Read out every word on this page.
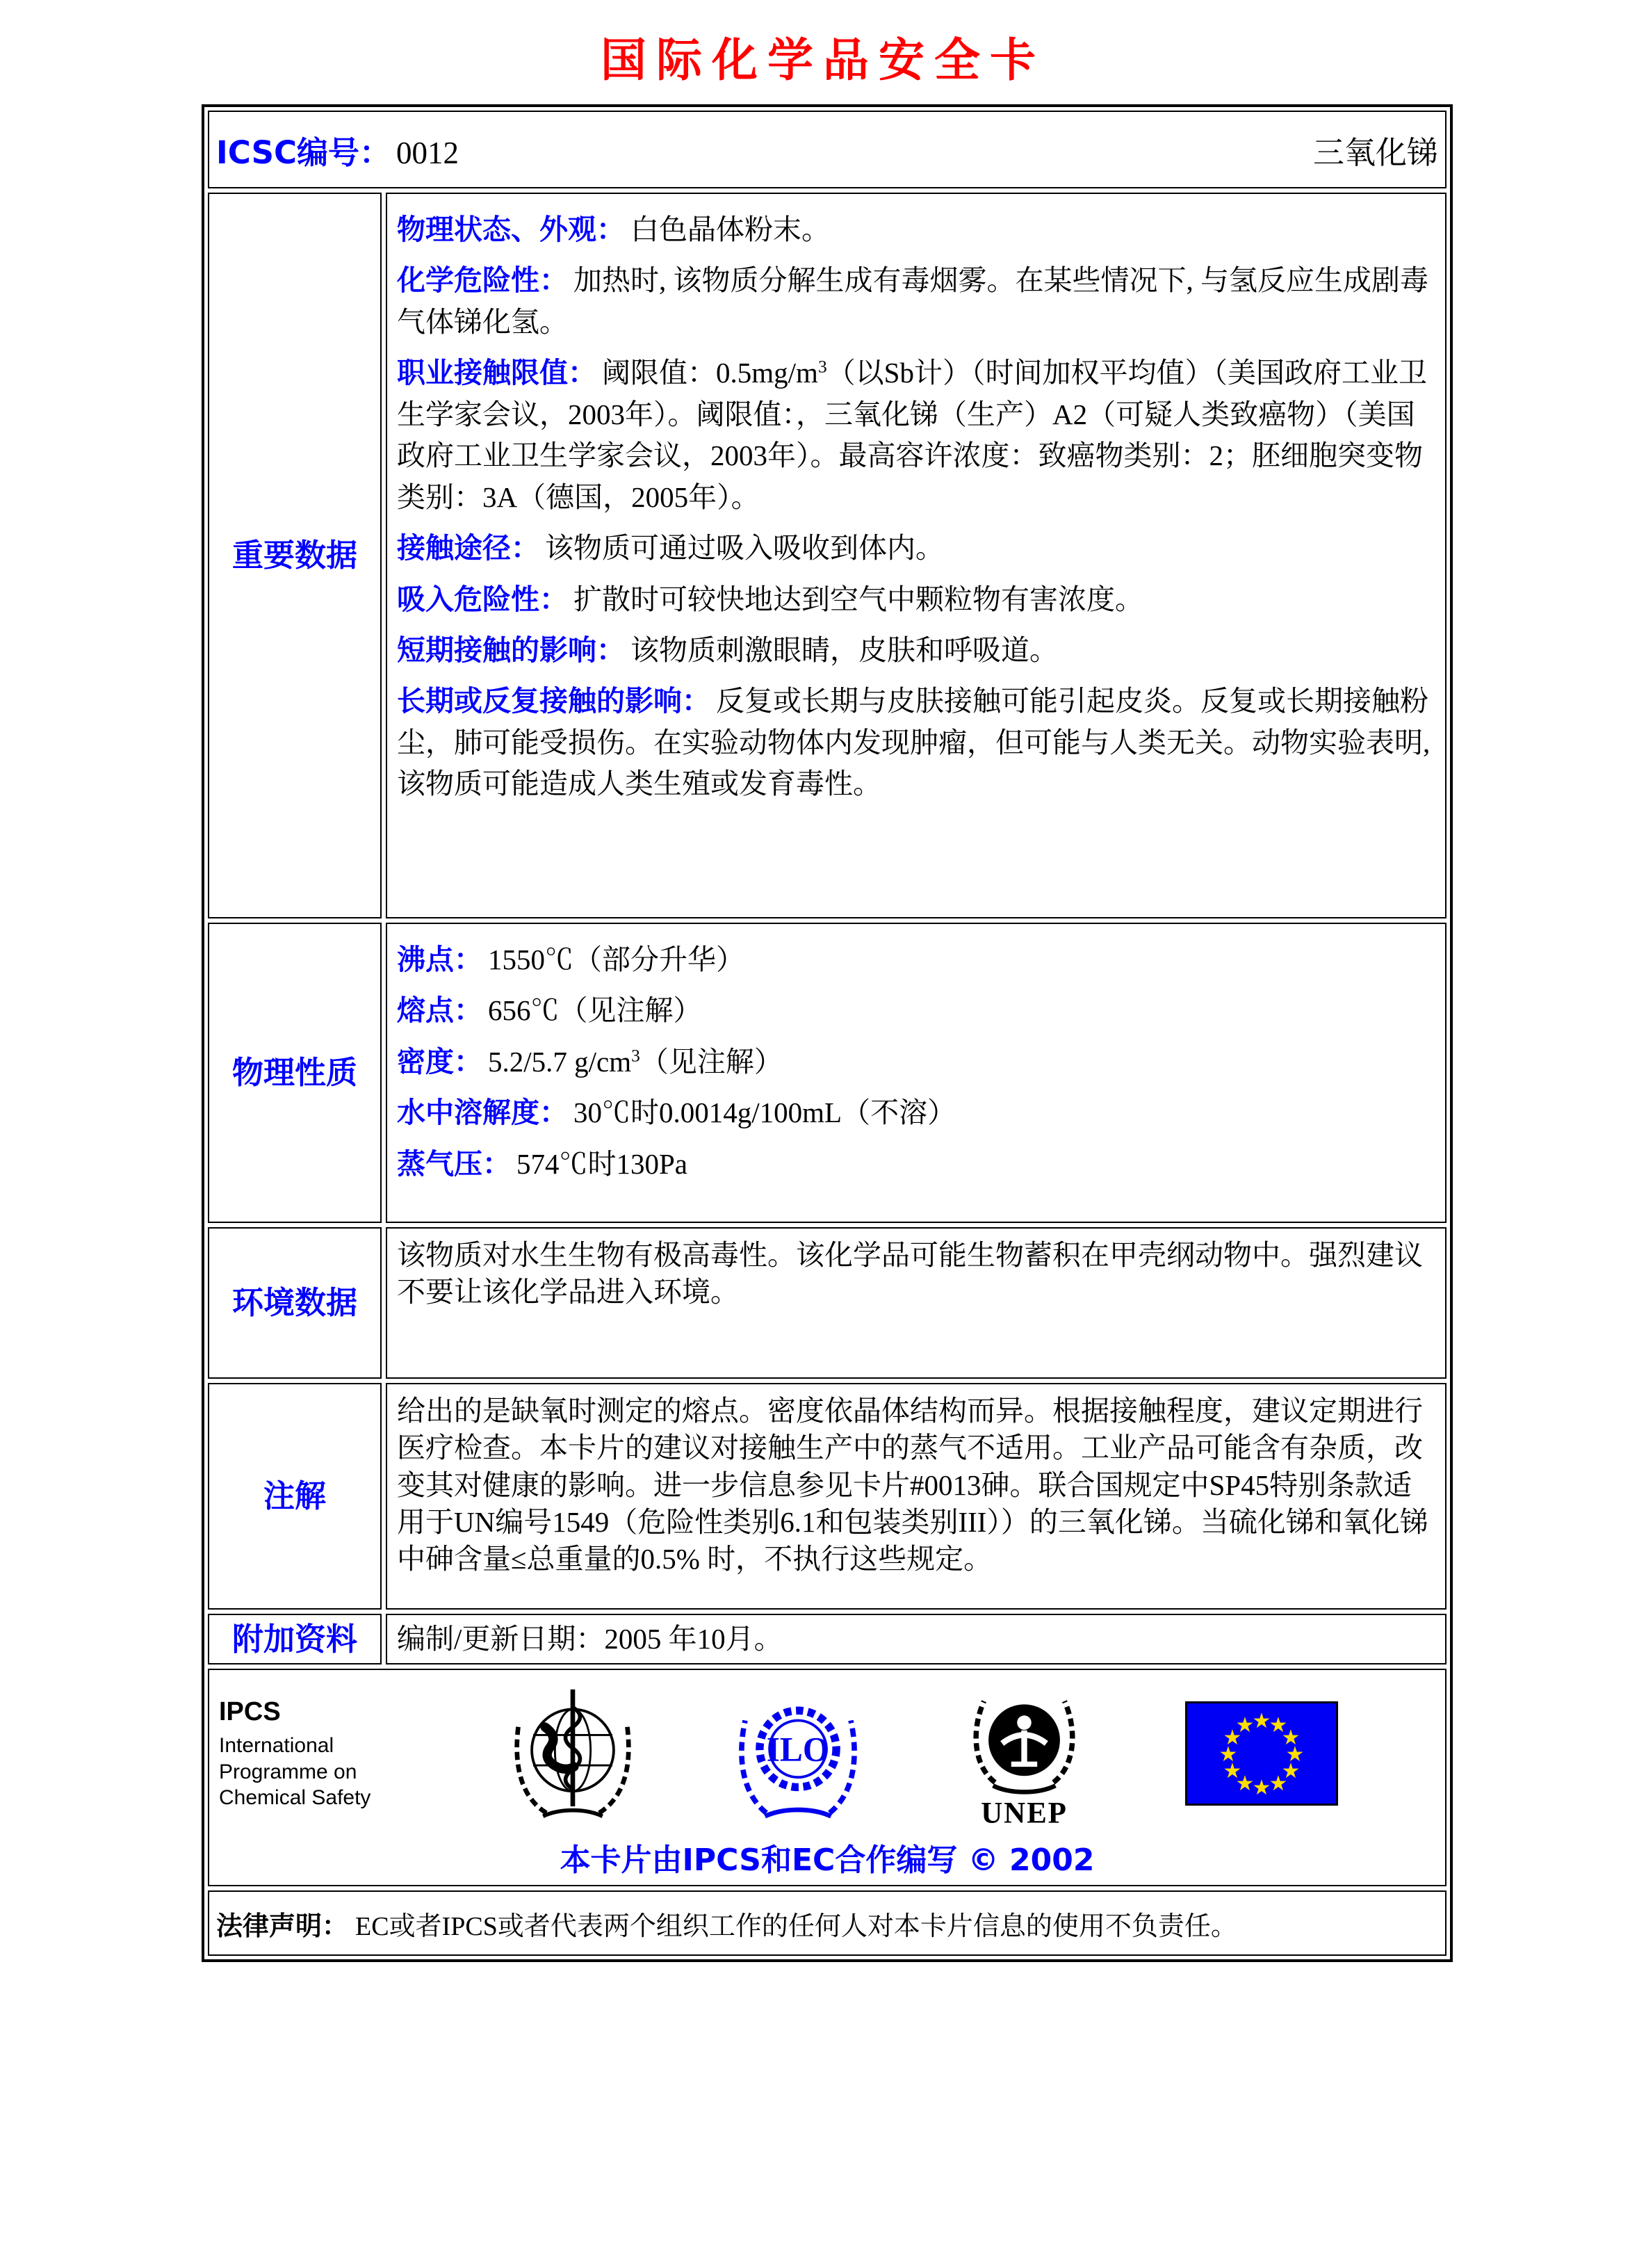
国际化学品安全卡
ICSC编号： 0012	三氧化锑
重要数据

物理状态、外观： 白色晶体粉末。

化学危险性： 加热时, 该物质分解生成有毒烟雾。在某些情况下, 与氢反应生成剧毒气体锑化氢。

职业接触限值： 阈限值：$0.5mg/m^3$（以Sb计）（时间加权平均值）（美国政府工业卫生学家会议，2003年）。阈限值：，三氧化锑（生产）A2（可疑人类致癌物）（美国政府工业卫生学家会议，2003年）。最高容许浓度：致癌物类别：2；胚细胞突变物类别：3A（德国，2005年）。

接触途径： 该物质可通过吸入吸收到体内。

吸入危险性： 扩散时可较快地达到空气中颗粒物有害浓度。

短期接触的影响： 该物质刺激眼睛，皮肤和呼吸道。

长期或反复接触的影响： 反复或长期与皮肤接触可能引起皮炎。反复或长期接触粉尘，肺可能受损伤。在实验动物体内发现肿瘤，但可能与人类无关。动物实验表明, 该物质可能造成人类生殖或发育毒性。

物理性质

沸点： 1550℃（部分升华）

熔点： 656℃（见注解）

密度： 5.2/5.7 $g/cm^3$（见注解）

水中溶解度： 30℃时0.0014g/100mL（不溶）

蒸气压： 574℃时130Pa

环境数据

该物质对水生生物有极高毒性。该化学品可能生物蓄积在甲壳纲动物中。强烈建议不要让该化学品进入环境。

注解

给出的是缺氧时测定的熔点。密度依晶体结构而异。根据接触程度，建议定期进行医疗检查。本卡片的建议对接触生产中的蒸气不适用。工业产品可能含有杂质，改变其对健康的影响。进一步信息参见卡片#0013砷。联合国规定中SP45特别条款适用于UN编号1549（危险性类别6.1和包装类别III））的三氧化锑。当硫化锑和氧化锑中砷含量≤总重量的0.5% 时，不执行这些规定。

附加资料 编制/更新日期：2005 年10月。

IPCS
International
Programme on
Chemical Safety
ILO
UNEP
★
★
★
★
★
★
★
★
★
★
★
★
本卡片由IPCS和EC合作编写 © 2002
法律声明： EC或者IPCS或者代表两个组织工作的任何人对本卡片信息的使用不负责任。
